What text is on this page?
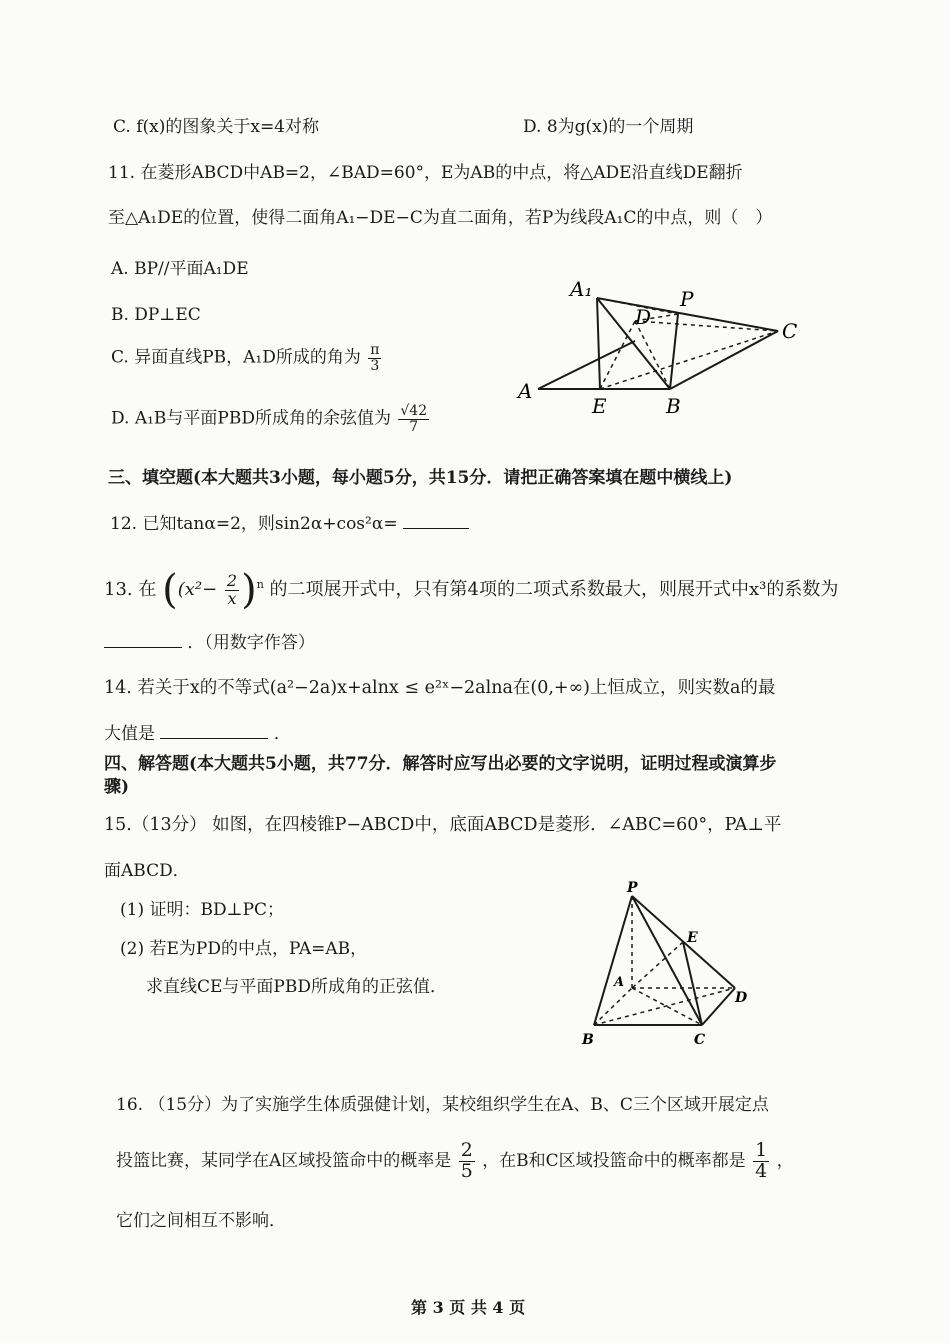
C. f(x)的图象关于x=4对称	D. 8为g(x)的一个周期
11. 在菱形ABCD中AB=2，∠BAD=60°，E为AB的中点，将△ADE沿直线DE翻折
至△A₁DE的位置，使得二面角A₁−DE−C为直二面角，若P为线段A₁C的中点，则（　）
A. BP//平面A₁DE
B. DP⊥EC
C. 异面直线PB，A₁D所成的角为 $\frac{\pi}{3}$
D. A₁B与平面PBD所成角的余弦值为 $\frac{√42}{7}$
A₁	P
D
C
A
E	B
三、填空题(本大题共3小题，每小题5分，共15分．请把正确答案填在题中横线上)
12. 已知tanα=2，则sin2α+cos²α=
13. 在 ($(x^2- \frac{2}{x} )^n$ 的二项展开式中，只有第4项的二项式系数最大，则展开式中x³的系数为
．（用数字作答）
14. 若关于x的不等式(a²−2a)x+alnx ≤ e²ˣ−2alna在(0,+∞)上恒成立，则实数a的最
大值是	．
四、解答题(本大题共5小题，共77分．解答时应写出必要的文字说明，证明过程或演算步
骤)
15.（13分） 如图，在四棱锥P−ABCD中，底面ABCD是菱形．∠ABC=60°，PA⊥平
面ABCD．
(1) 证明：BD⊥PC；
(2) 若E为PD的中点，PA=AB，
求直线CE与平面PBD所成角的正弦值．
P
E
A
D
B	C
16. （15分）为了实施学生体质强健计划，某校组织学生在A、B、C三个区域开展定点
投篮比赛，某同学在A区域投篮命中的概率是 $\frac{2}{5}$ ，在B和C区域投篮命中的概率都是 $\frac{1}{4}$ ，
它们之间相互不影响．
第 3 页 共 4 页
